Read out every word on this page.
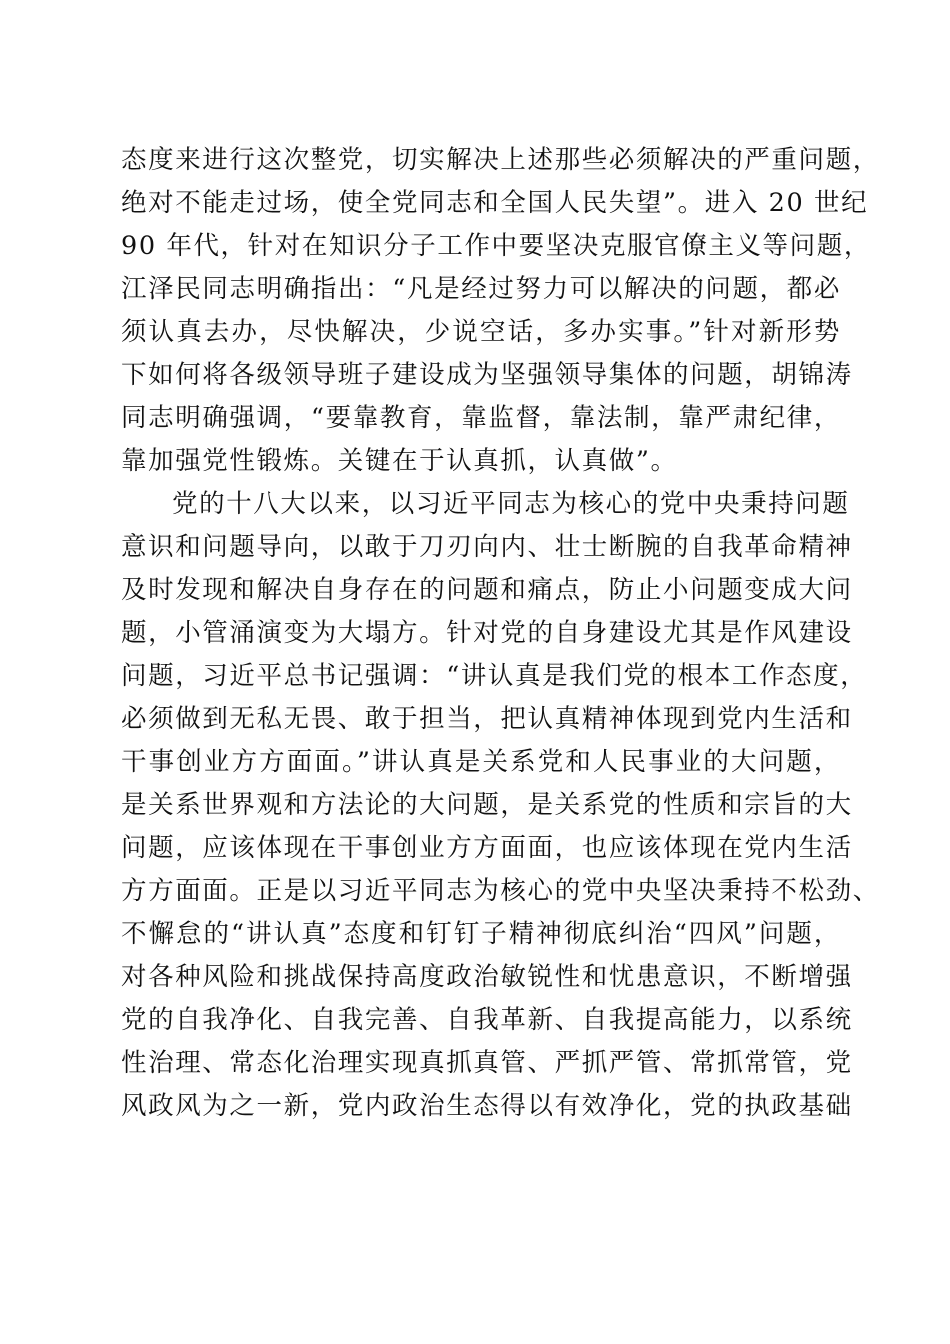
态度来进行这次整党，切实解决上述那些必须解决的严重问题，
绝对不能走过场，使全党同志和全国人民失望”。进入 20 世纪
90 年代，针对在知识分子工作中要坚决克服官僚主义等问题，
江泽民同志明确指出：“凡是经过努力可以解决的问题，都必
须认真去办，尽快解决，少说空话，多办实事。”针对新形势
下如何将各级领导班子建设成为坚强领导集体的问题，胡锦涛
同志明确强调，“要靠教育，靠监督，靠法制，靠严肃纪律，
靠加强党性锻炼。关键在于认真抓，认真做”。
党的十八大以来，以习近平同志为核心的党中央秉持问题
意识和问题导向，以敢于刀刃向内、壮士断腕的自我革命精神
及时发现和解决自身存在的问题和痛点，防止小问题变成大问
题，小管涌演变为大塌方。针对党的自身建设尤其是作风建设
问题，习近平总书记强调：“讲认真是我们党的根本工作态度，
必须做到无私无畏、敢于担当，把认真精神体现到党内生活和
干事创业方方面面。”讲认真是关系党和人民事业的大问题，
是关系世界观和方法论的大问题，是关系党的性质和宗旨的大
问题，应该体现在干事创业方方面面，也应该体现在党内生活
方方面面。正是以习近平同志为核心的党中央坚决秉持不松劲、
不懈怠的“讲认真”态度和钉钉子精神彻底纠治“四风”问题，
对各种风险和挑战保持高度政治敏锐性和忧患意识，不断增强
党的自我净化、自我完善、自我革新、自我提高能力，以系统
性治理、常态化治理实现真抓真管、严抓严管、常抓常管，党
风政风为之一新，党内政治生态得以有效净化，党的执政基础
